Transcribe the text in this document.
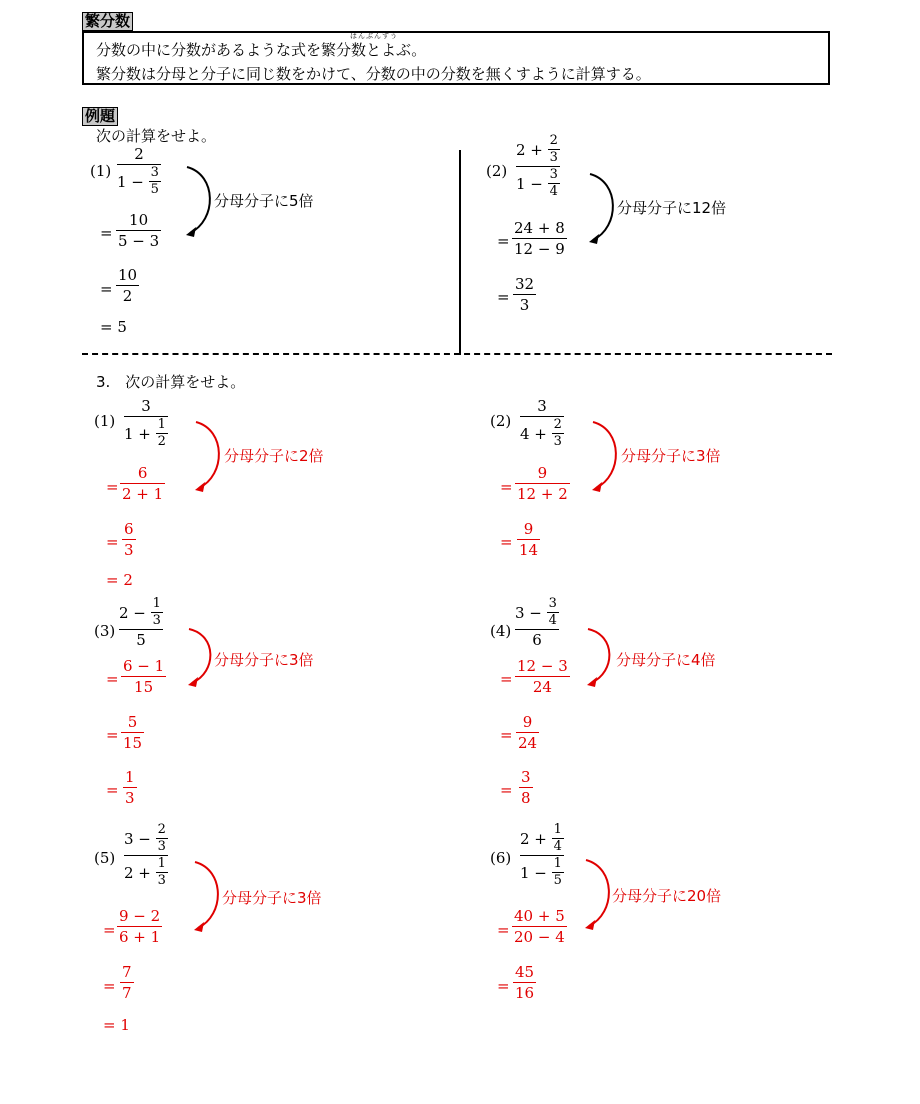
繁分数
はんぶんすう
分数の中に分数があるような式を繁分数とよぶ。
繁分数は分母と分子に同じ数をかけて、分数の中の分数を無くすように計算する。
例題
次の計算をせよ。
(1)
2
1 −
$\frac{3}{5}$
分母分子に5倍
=
10
5 − 3
=
10
2
= 5
(2)
2 +
$\frac{2}{3}$
1 −
$\frac{3}{4}$
分母分子に12倍
=
24 + 8
12 − 9
=
32
3
3.　次の計算をせよ。
(1)
3
1 +
$\frac{1}{2}$
分母分子に2倍
=
6
2 + 1
=
6
3
= 2
(2)
3
4 +
$\frac{2}{3}$
分母分子に3倍
=
9
12 + 2
=
9
14
(3)
2 −
$\frac{1}{3}$
5
分母分子に3倍
=
6 − 1
15
=
5
15
=
1
3
(4)
3 −
$\frac{3}{4}$
6
分母分子に4倍
=
12 − 3
24
=
9
24
=
3
8
(5)
3 −
$\frac{2}{3}$
2 +
$\frac{1}{3}$
分母分子に3倍
=
9 − 2
6 + 1
=
7
7
= 1
(6)
2 +
$\frac{1}{4}$
1 −
$\frac{1}{5}$
分母分子に20倍
=
40 + 5
20 − 4
=
45
16
